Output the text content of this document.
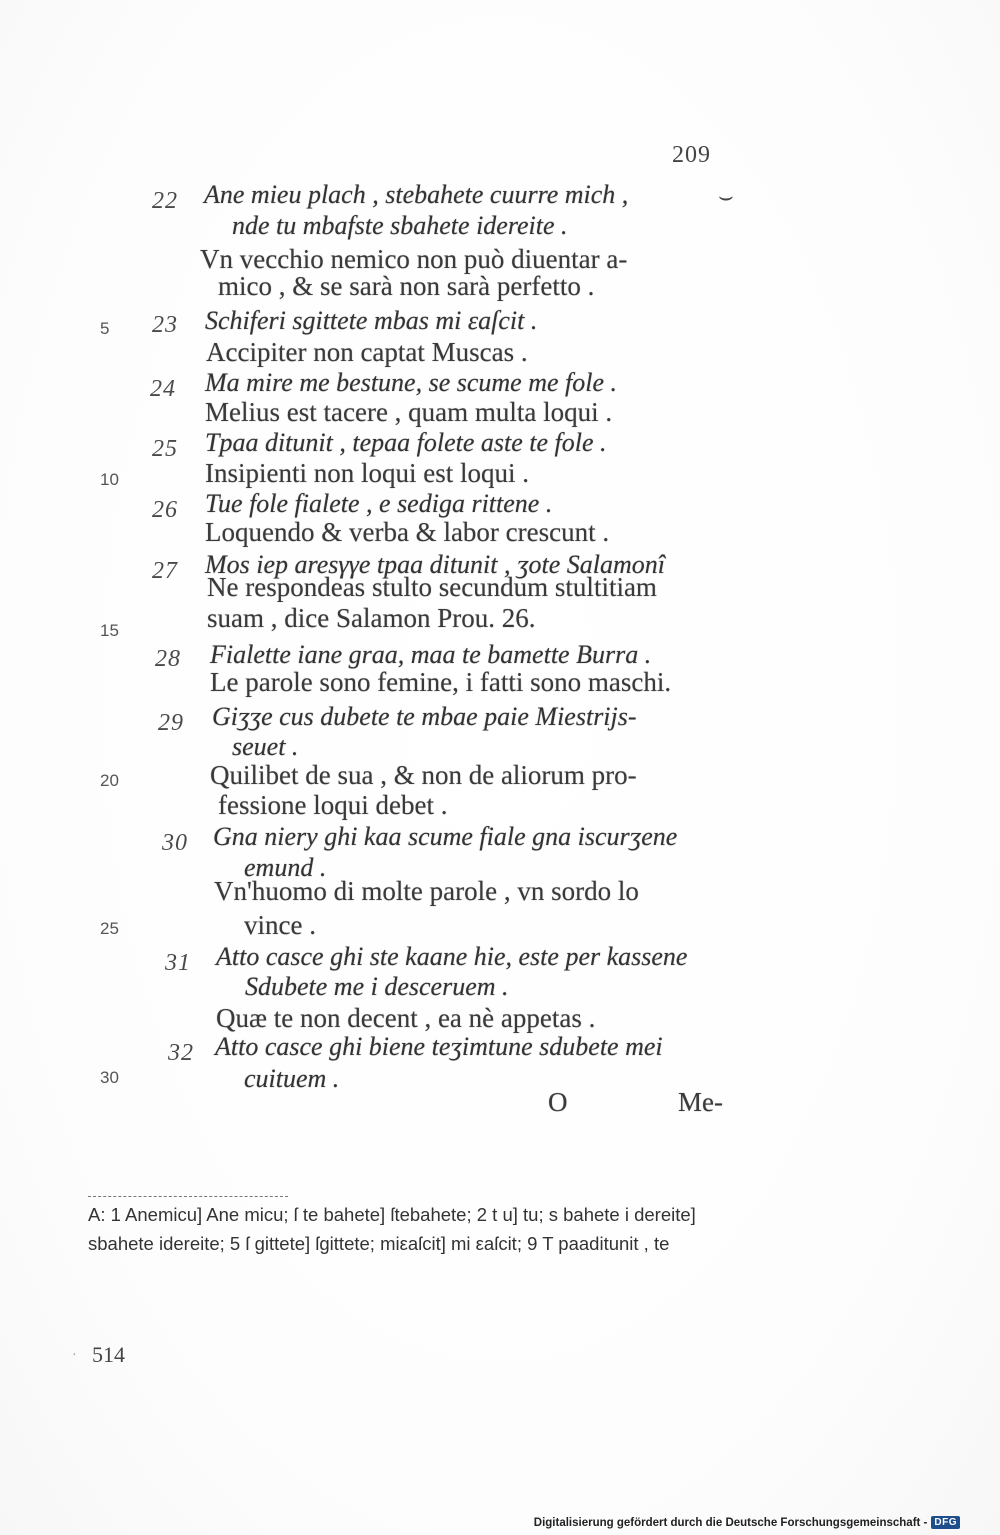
209
5
10
15
20
25
30
22 Ane mieu plach , stebahete cuurre mich ,	⌣
nde tu mbafste sbahete idereite .
Vn vecchio nemico non può diuentar a-
mico , & se sarà non sarà perfetto .
23 Schiferi sgittete mbas mi εaſcit .
Accipiter non captat Muscas .
24 Ma mire me bestune, se scume me fole .
Melius est tacere , quam multa loqui .
25 Tpaa ditunit , tepaa folete aste te fole .
Insipienti non loqui est loqui .
26 Tue fole fialete , e sediga rittene .
Loquendo & verba & labor crescunt .
27 Mos iep aresγγe tpaa ditunit , ʒote Salamonî
Ne respondeas stulto secundum stultitiam
suam , dice Salamon Prou. 26.
28 Fialette iane graa, maa te bamette Burra .
Le parole sono femine, i fatti sono maschi.
29 Giʒʒe cus dubete te mbae paie Miestrijs-
seuet .
Quilibet de sua , & non de aliorum pro-
fessione loqui debet .
30 Gna niery ghi kaa scume fiale gna iscurʒene
emund .
Vn'huomo di molte parole , vn sordo lo
vince .
31 Atto casce ghi ste kaane hie, este per kassene
Sdubete me i desceruem .
Quæ te non decent , ea nè appetas .
32 Atto casce ghi biene teʒimtune sdubete mei
cuituem .
O	Me-
A: 1 Anemicu] Ane micu; ſ te bahete] ſtebahete; 2 t u] tu; s bahete i dereite]
sbahete idereite; 5 ſ gittete] ſgittete; miεaſcit] mi εaſcit; 9 T paaditunit , te
· 514
Digitalisierung gefördert durch die Deutsche Forschungsgemeinschaft - DFG
